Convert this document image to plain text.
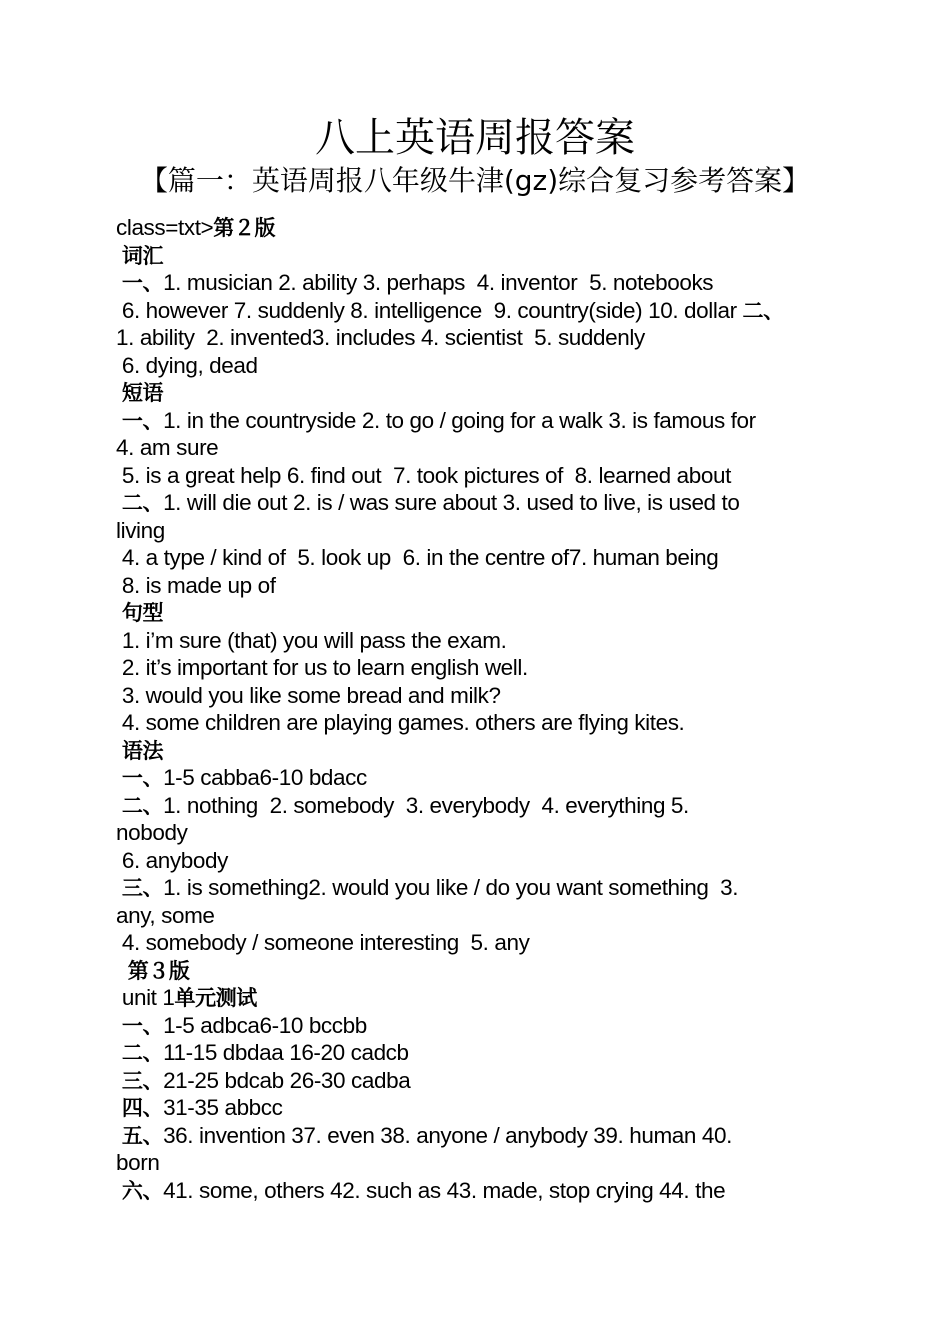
八上英语周报答案
【篇一：英语周报八年级牛津(gz)综合复习参考答案】
class=txt>第２版
词汇
一、1. musician 2. ability 3. perhaps  4. inventor  5. notebooks
6. however 7. suddenly 8. intelligence  9. country(side) 10. dollar 二、
1. ability  2. invented3. includes 4. scientist  5. suddenly
6. dying, dead
短语
一、1. in the countryside 2. to go / going for a walk 3. is famous for
4. am sure
5. is a great help 6. find out  7. took pictures of  8. learned about
二、1. will die out 2. is / was sure about 3. used to live, is used to
living
4. a type / kind of  5. look up  6. in the centre of7. human being
8. is made up of
句型
1. i’m sure (that) you will pass the exam.
2. it’s important for us to learn english well.
3. would you like some bread and milk?
4. some children are playing games. others are flying kites.
语法
一、1-5 cabba6-10 bdacc
二、1. nothing  2. somebody  3. everybody  4. everything 5.
nobody
6. anybody
三、1. is something2. would you like / do you want something  3.
any, some
4. somebody / someone interesting  5. any
第３版
unit 1单元测试
一、1-5 adbca6-10 bccbb
二、11-15 dbdaa 16-20 cadcb
三、21-25 bdcab 26-30 cadba
四、31-35 abbcc
五、36. invention 37. even 38. anyone / anybody 39. human 40.
born
六、41. some, others 42. such as 43. made, stop crying 44. the
